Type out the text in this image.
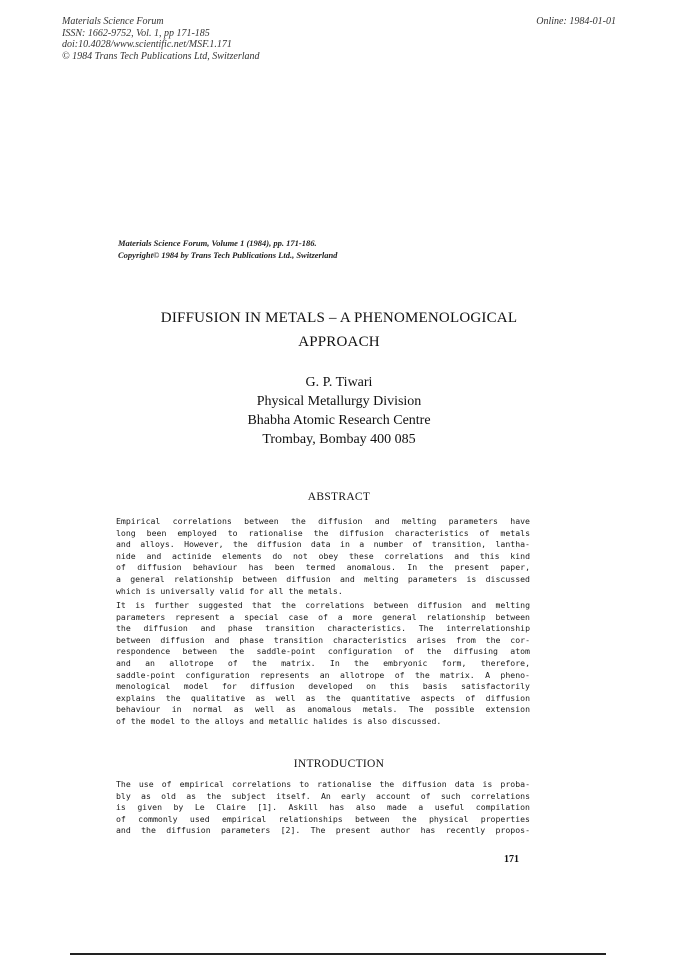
Materials Science Forum
ISSN: 1662-9752, Vol. 1, pp 171-185
doi:10.4028/www.scientific.net/MSF.1.171
© 1984 Trans Tech Publications Ltd, Switzerland
Online: 1984-01-01
Materials Science Forum, Volume 1 (1984), pp. 171-186.
Copyright© 1984 by Trans Tech Publications Ltd., Switzerland
DIFFUSION IN METALS – A PHENOMENOLOGICAL
APPROACH
G. P. Tiwari
Physical Metallurgy Division
Bhabha Atomic Research Centre
Trombay, Bombay 400 085
ABSTRACT
Empirical correlations between the diffusion and melting parameters have
long been employed to rationalise the diffusion characteristics of metals
and alloys. However, the diffusion data in a number of transition, lantha-
nide and actinide elements do not obey these correlations and this kind
of diffusion behaviour has been termed anomalous. In the present paper,
a general relationship between diffusion and melting parameters is discussed
which is universally valid for all the metals.
It is further suggested that the correlations between diffusion and melting
parameters represent a special case of a more general relationship between
the diffusion and phase transition characteristics. The interrelationship
between diffusion and phase transition characteristics arises from the cor-
respondence between the saddle-point configuration of the diffusing atom
and an allotrope of the matrix. In the embryonic form, therefore,
saddle-point configuration represents an allotrope of the matrix. A pheno-
menological model for diffusion developed on this basis satisfactorily
explains the qualitative as well as the quantitative aspects of diffusion
behaviour in normal as well as anomalous metals. The possible extension
of the model to the alloys and metallic halides is also discussed.
INTRODUCTION
The use of empirical correlations to rationalise the diffusion data is proba-
bly as old as the subject itself. An early account of such correlations
is given by Le Claire [1]. Askill has also made a useful compilation
of commonly used empirical relationships between the physical properties
and the diffusion parameters [2]. The present author has recently propos-
171
